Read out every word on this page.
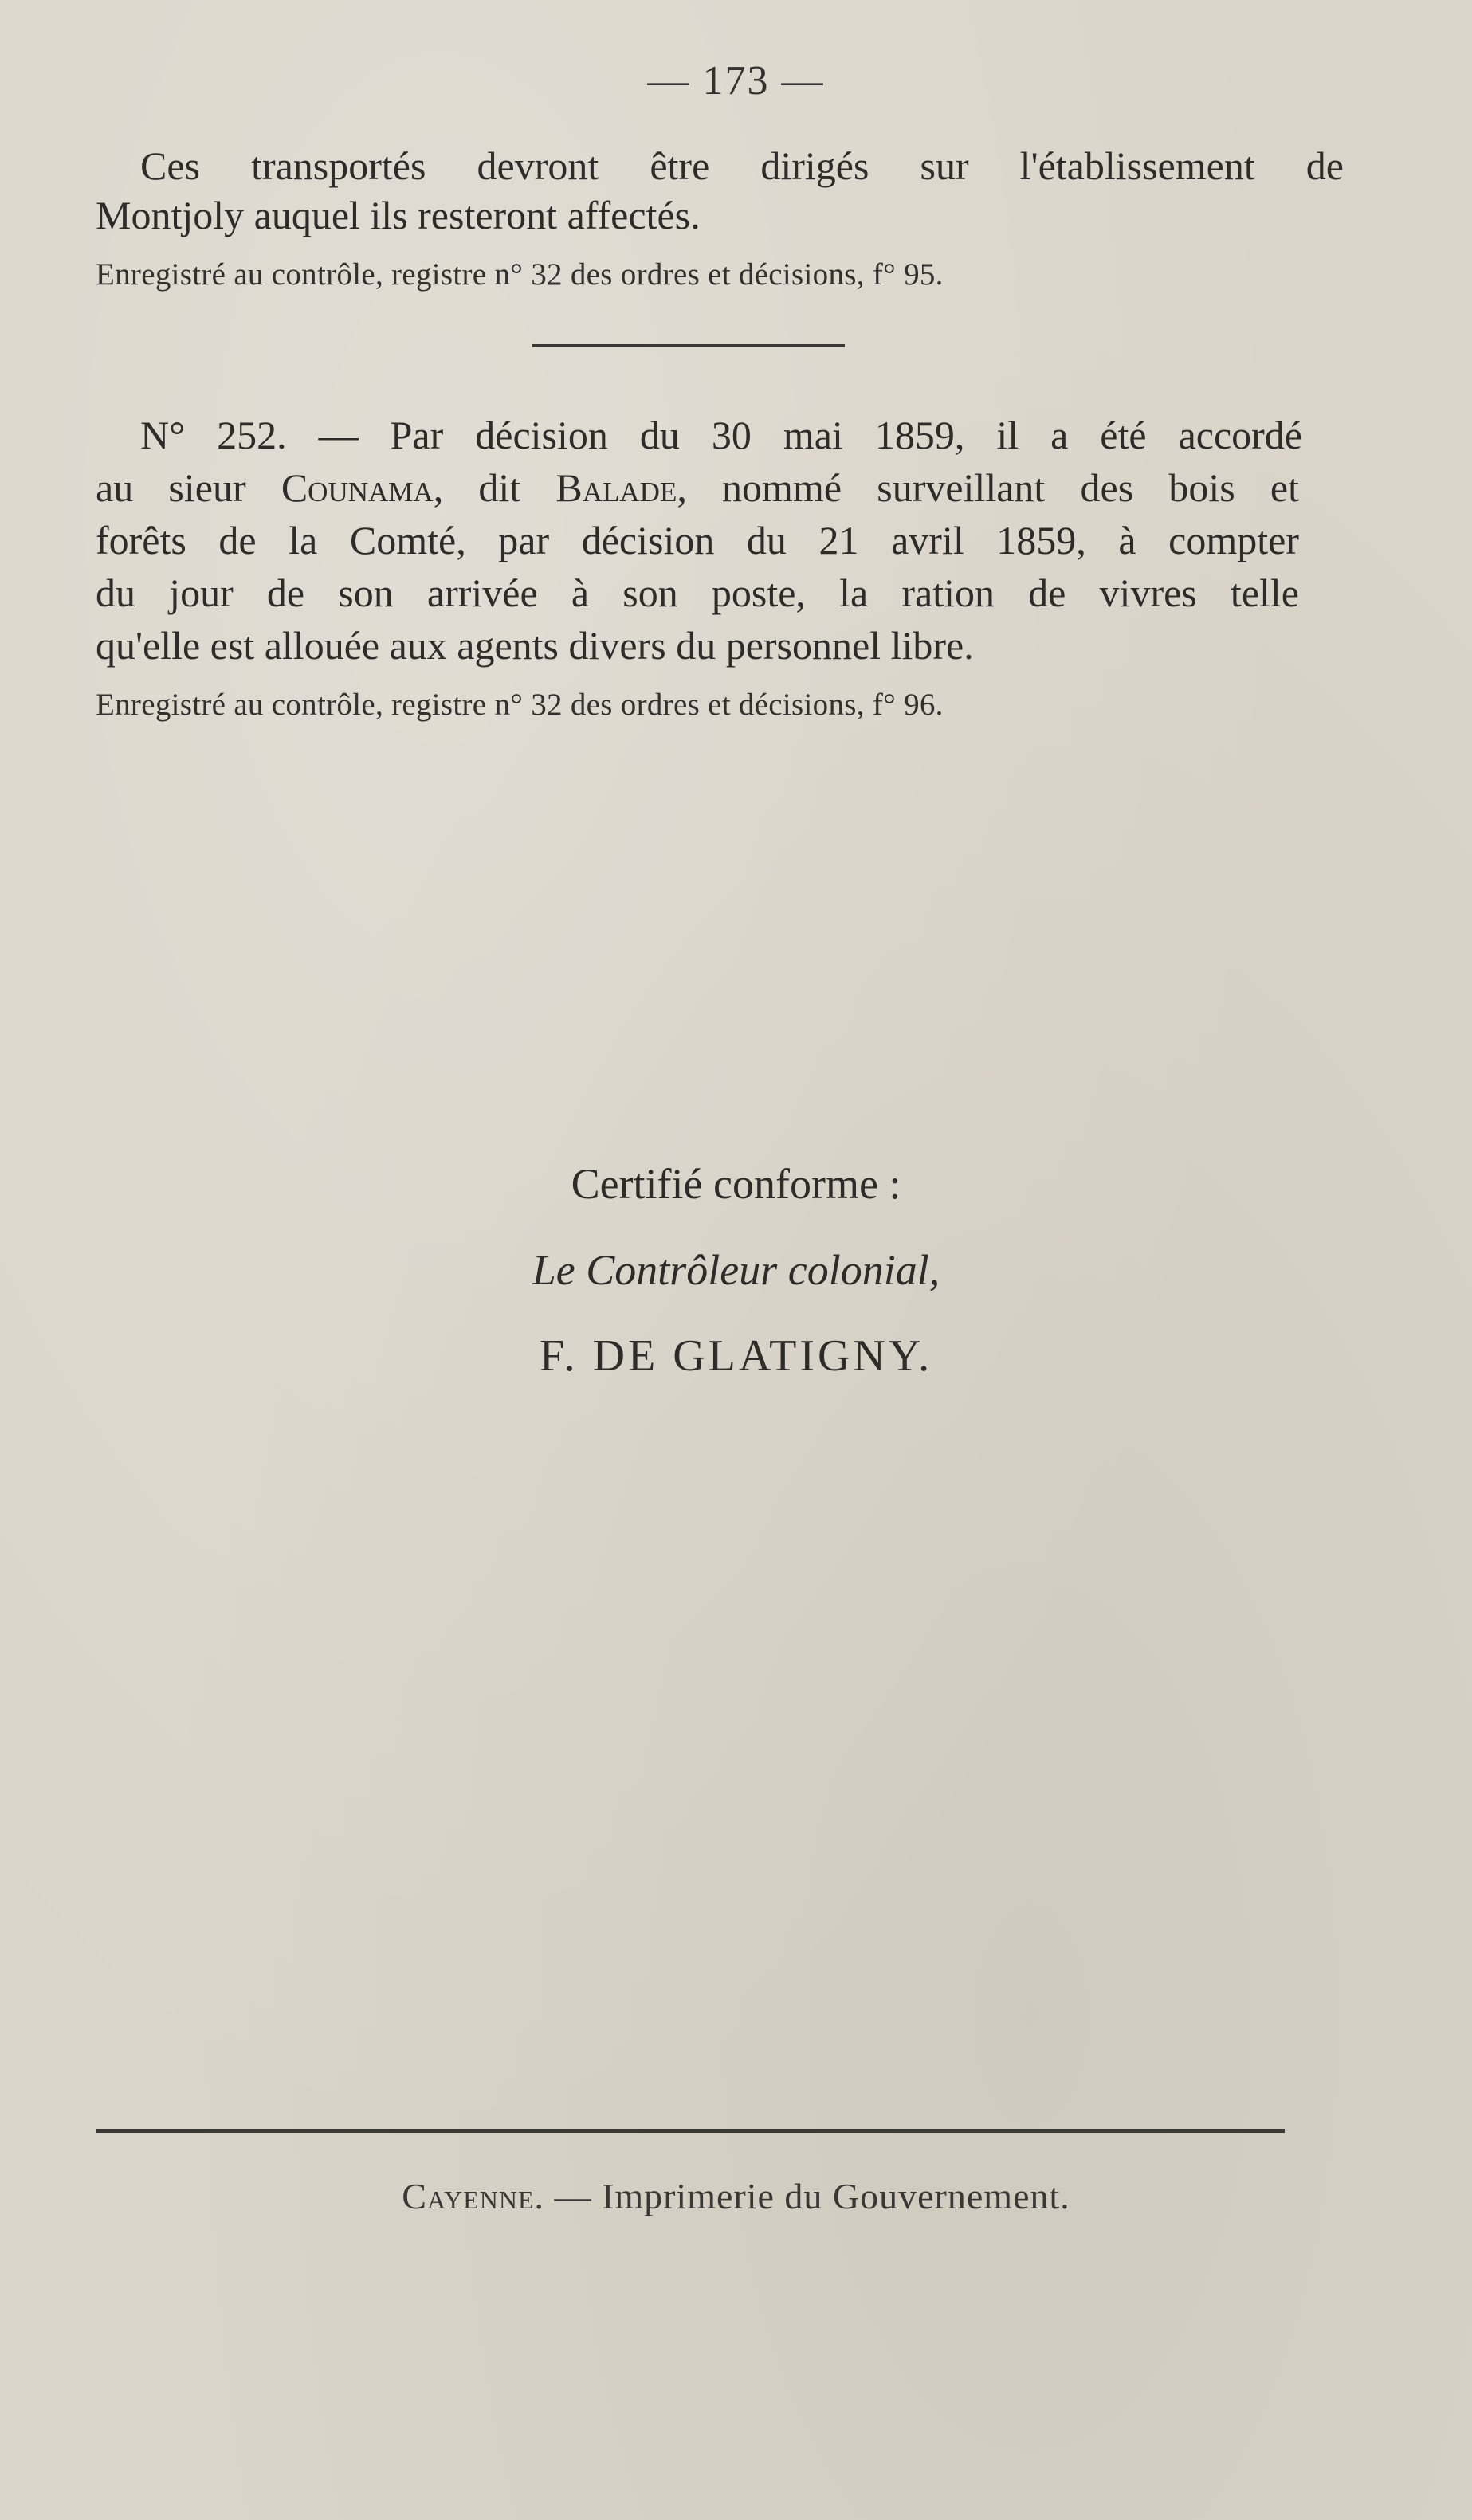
— 173 —
Ces transportés devront être dirigés sur l'établissement de
Montjoly auquel ils resteront affectés.
Enregistré au contrôle, registre n° 32 des ordres et décisions, f° 95.
N° 252. — Par décision du 30 mai 1859, il a été accordé
au sieur Counama, dit Balade, nommé surveillant des bois et
forêts de la Comté, par décision du 21 avril 1859, à compter
du jour de son arrivée à son poste, la ration de vivres telle
qu'elle est allouée aux agents divers du personnel libre.
Enregistré au contrôle, registre n° 32 des ordres et décisions, f° 96.
Certifié conforme :
Le Contrôleur colonial,
F. DE GLATIGNY.
Cayenne. — Imprimerie du Gouvernement.
